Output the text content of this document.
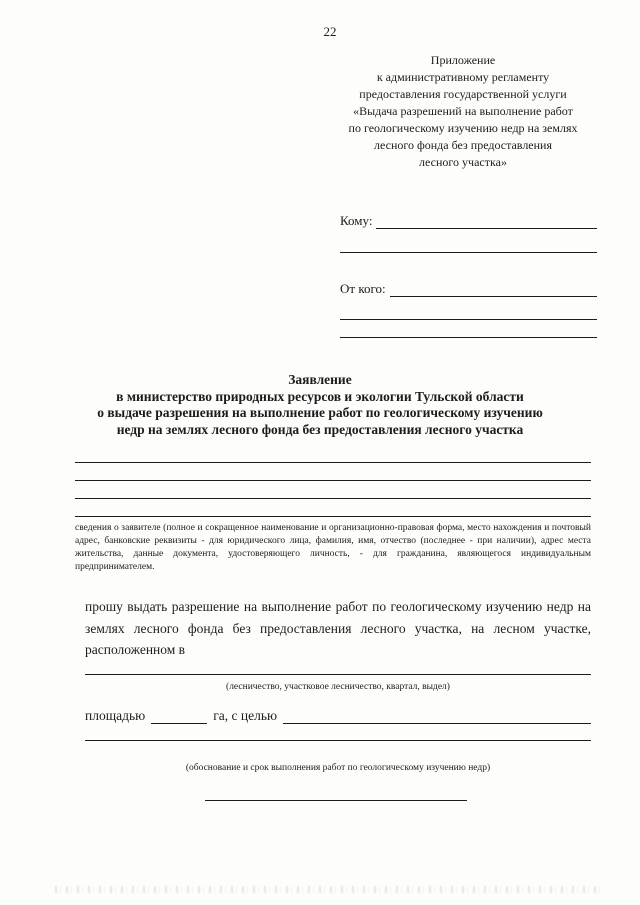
22
Приложение
к административному регламенту
предоставления государственной услуги
«Выдача разрешений на выполнение работ
по геологическому изучению недр на землях
лесного фонда без предоставления
лесного участка»
Кому:
От кого:
Заявление
в министерство природных ресурсов и экологии Тульской области
о выдаче разрешения на выполнение работ по геологическому изучению
недр на землях лесного фонда без предоставления лесного участка
сведения о заявителе (полное и сокращенное наименование и организационно-правовая форма, место нахождения и почтовый адрес, банковские реквизиты - для юридического лица, фамилия, имя, отчество (последнее - при наличии), адрес места жительства, данные документа, удостоверяющего личность, - для гражданина, являющегося индивидуальным предпринимателем.
прошу выдать разрешение на выполнение работ по геологическому изучению недр на землях лесного фонда без предоставления лесного участка, на лесном участке, расположенном в
(лесничество, участковое лесничество, квартал, выдел)
площадью	га, с целью
(обоснование и срок выполнения работ по геологическому изучению недр)
